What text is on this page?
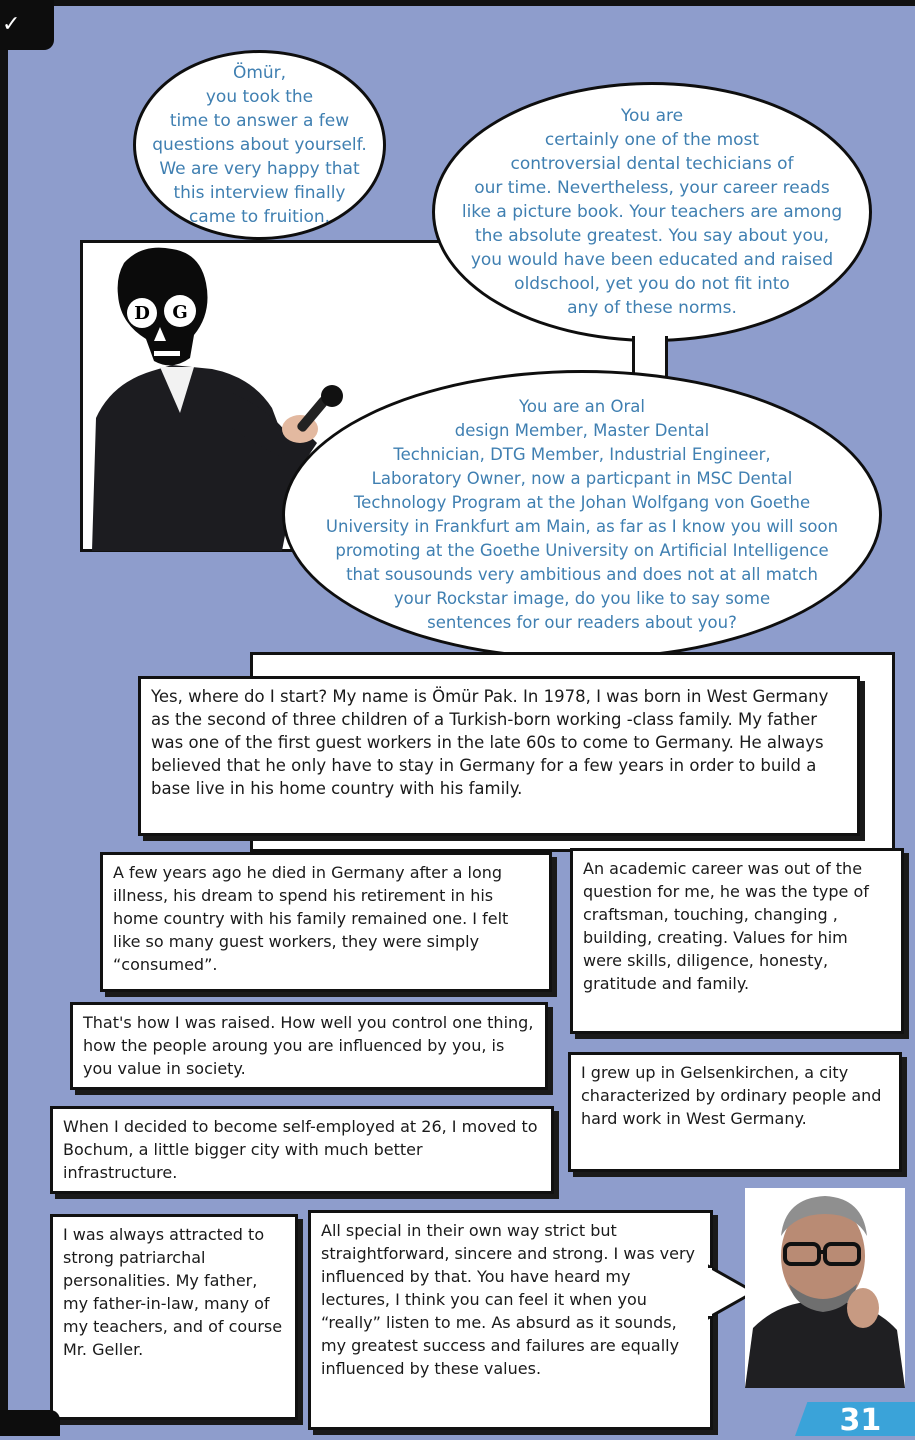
✓
D G
Ömür,
you took the
time to answer a few
questions about yourself.
We are very happy that
this interview finally
came to fruition.
You are
certainly one of the most
controversial dental techicians of
our time. Nevertheless, your career reads
like a picture book. Your teachers are among
the absolute greatest. You say about you,
you would have been educated and raised
oldschool, yet you do not fit into
any of these norms.
You are an Oral
design Member, Master Dental
Technician, DTG Member, Industrial Engineer,
Laboratory Owner, now a particpant in MSC Dental
Technology Program at the Johan Wolfgang von Goethe
University in Frankfurt am Main, as far as I know you will soon
promoting at the Goethe University on Artificial Intelligence
that sousounds very ambitious and does not at all match
your Rockstar image, do you like to say some
sentences for our readers about you?
Yes, where do I start? My name is Ömür Pak. In 1978, I was born in West Germany as the second of three children of a Turkish-born working -class family. My father was one of the first guest workers in the late 60s to come to Germany. He always believed that he only have to stay in Germany for a few years in order to build a base live in his home country with his family.
A few years ago he died in Germany after a long illness, his dream to spend his retirement in his home country with his family remained one. I felt like so many guest workers, they were simply “consumed”.
An academic career was out of the question for me, he was the type of craftsman, touching, changing , building, creating. Values for him were skills, diligence, honesty, gratitude and family.
That's how I was raised. How well you control one thing, how the people aroung you are influenced by you, is you value in society.	I grew up in Gelsenkirchen, a city characterized by ordinary people and hard work in West Germany.
When I decided to become self-employed at 26, I moved to Bochum, a little bigger city with much better infrastructure.
I was always attracted to strong patriarchal personalities. My father, my father-in-law, many of my teachers, and of course Mr. Geller.
All special in their own way strict but straightforward, sincere and strong. I was very influenced by that. You have heard my lectures, I think you can feel it when you “really” listen to me. As absurd as it sounds, my greatest success and failures are equally influenced by these values.
31
